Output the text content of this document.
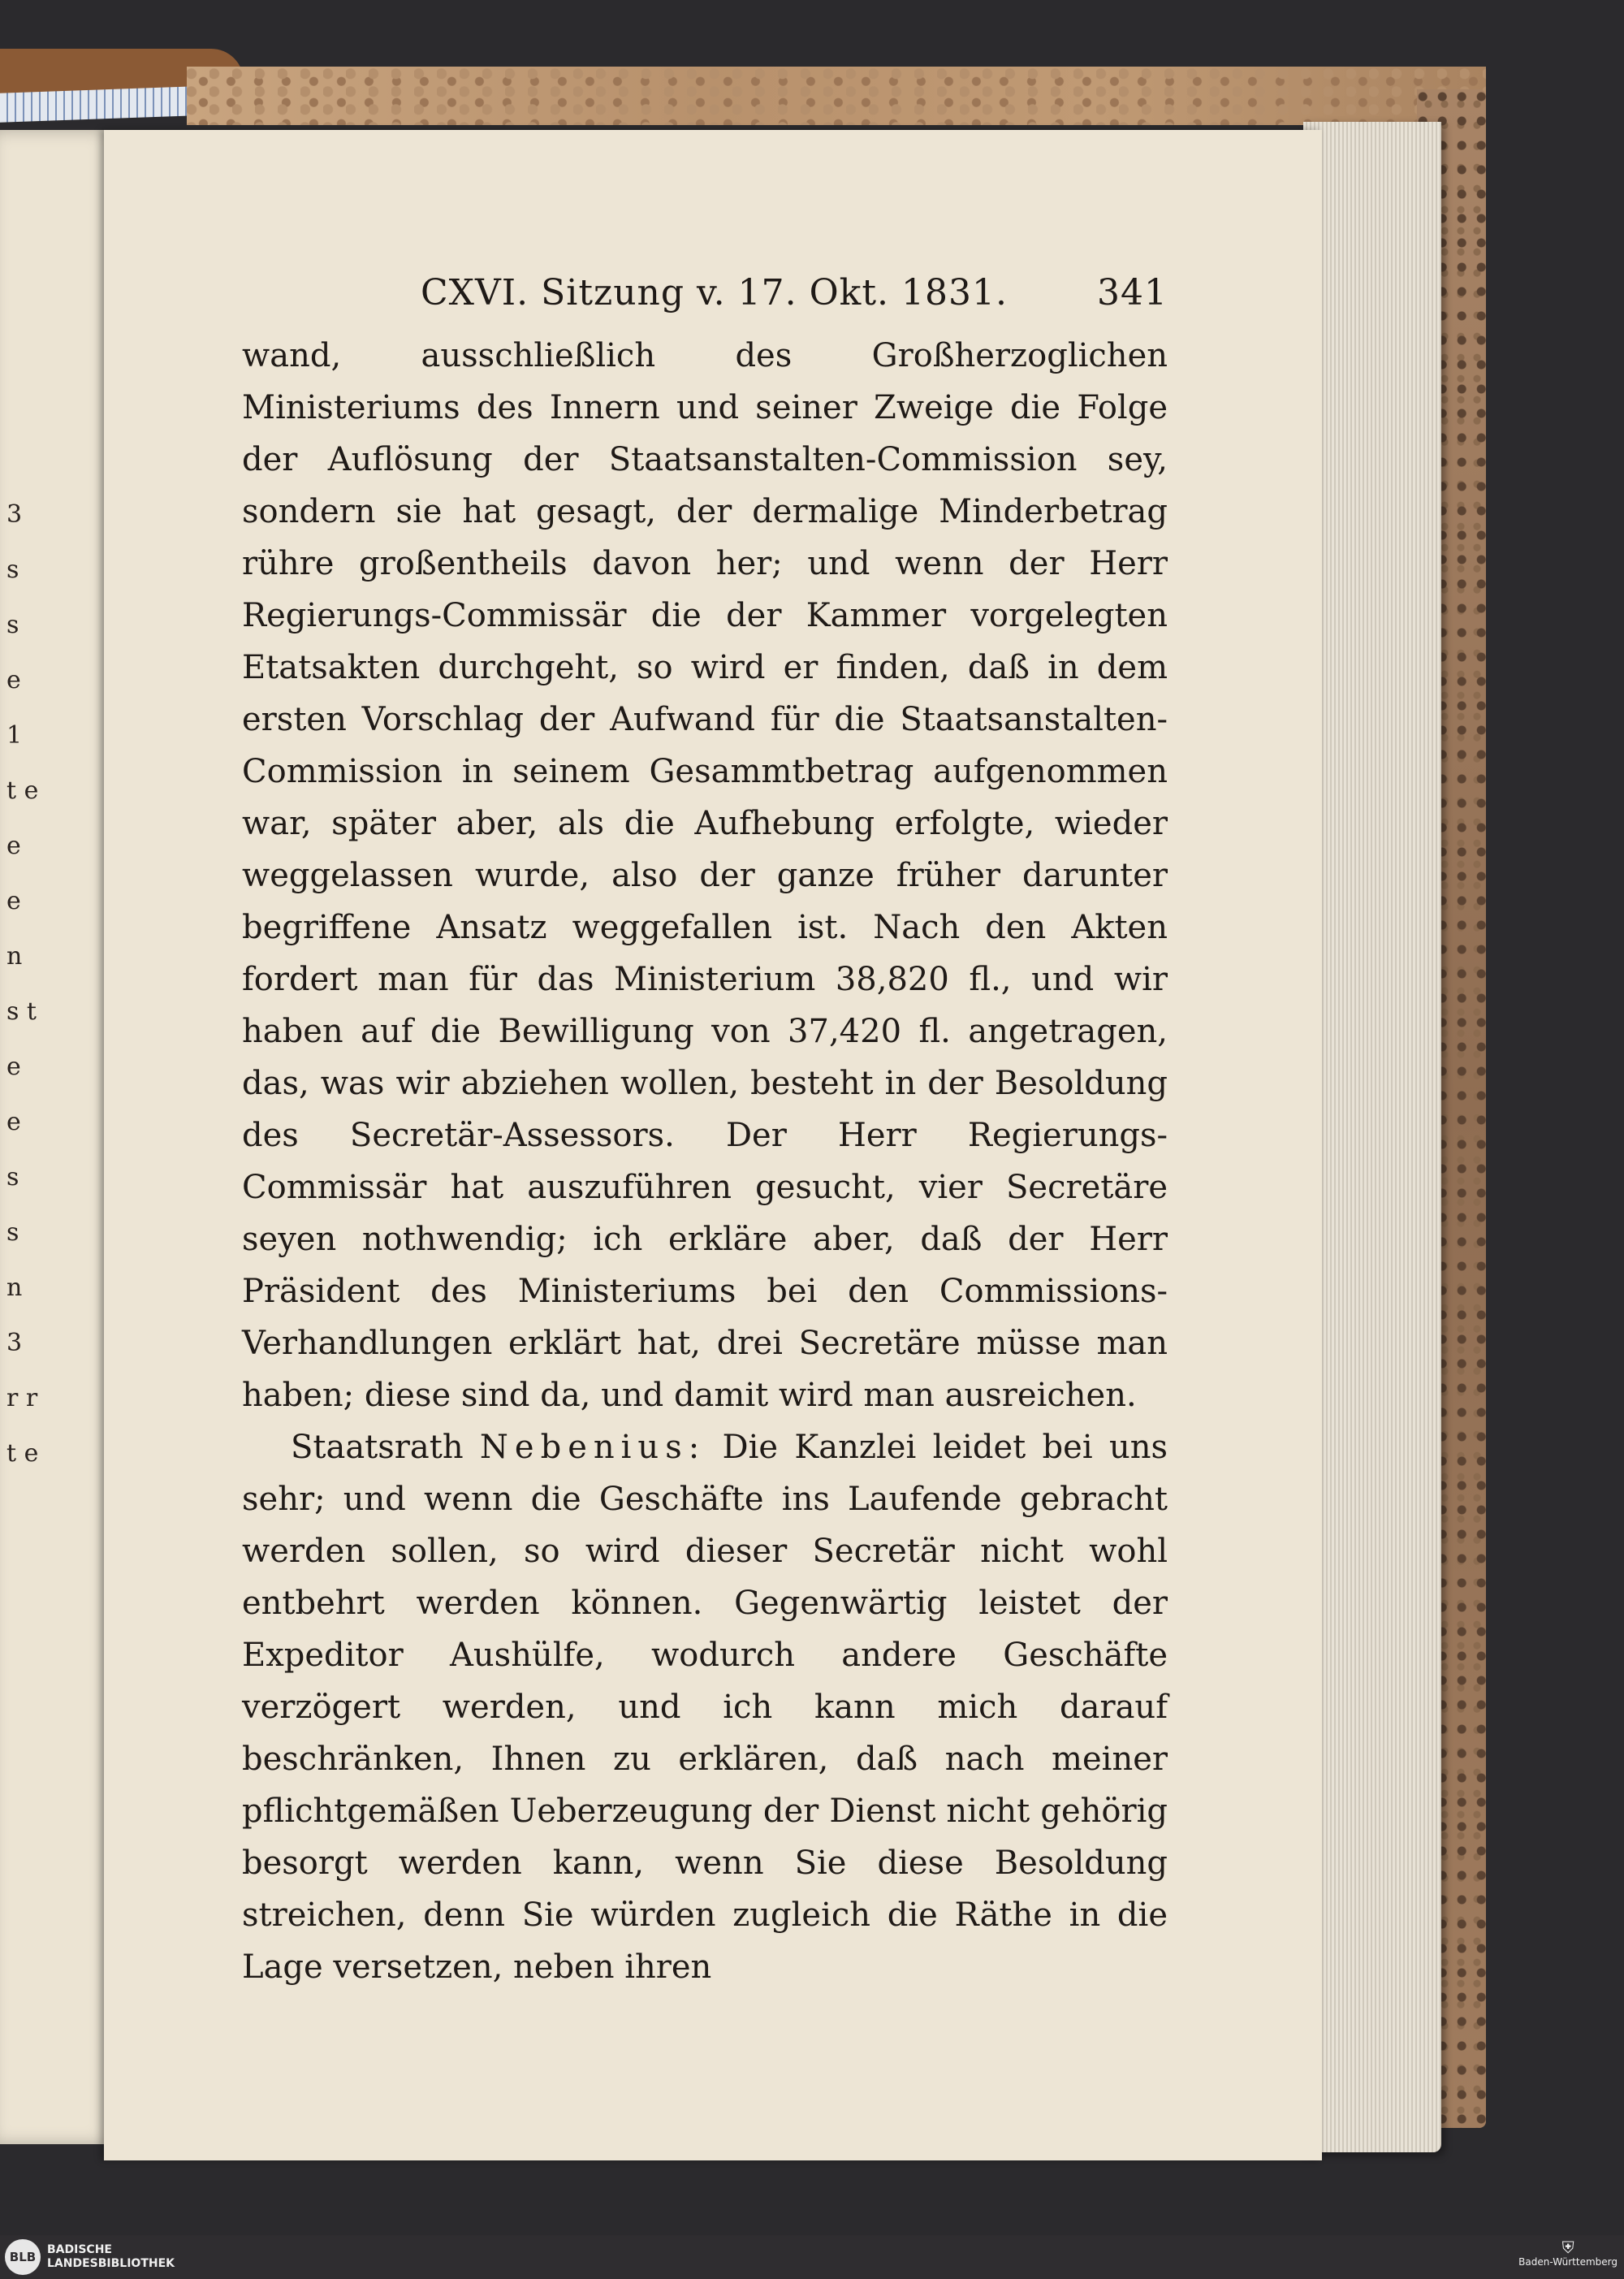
3 s s e 1 t e e e n s t e e s s n 3 r r t e
CXVI. Sitzung v. 17. Okt. 1831.	341

wand, ausschließlich des Großherzoglichen Ministeriums des Innern und seiner Zweige die Folge der Auflösung der Staatsanstalten-Commission sey, sondern sie hat gesagt, der dermalige Minderbetrag rühre großentheils davon her; und wenn der Herr Regierungs-Commissär die der Kammer vorgelegten Etatsakten durchgeht, so wird er finden, daß in dem ersten Vorschlag der Aufwand für die Staatsanstalten-Commission in seinem Gesammtbetrag aufgenommen war, später aber, als die Aufhebung erfolgte, wieder weggelassen wurde, also der ganze früher darunter begriffene Ansatz weggefallen ist. Nach den Akten fordert man für das Ministerium 38,820 fl., und wir haben auf die Bewilligung von 37,420 fl. angetragen, das, was wir abziehen wollen, besteht in der Besoldung des Secretär-Assessors. Der Herr Regierungs-Commissär hat auszuführen gesucht, vier Secretäre seyen nothwendig; ich erkläre aber, daß der Herr Präsident des Ministeriums bei den Commissions-Verhandlungen erklärt hat, drei Secretäre müsse man haben; diese sind da, und damit wird man ausreichen.

Staatsrath Nebenius: Die Kanzlei leidet bei uns sehr; und wenn die Geschäfte ins Laufende gebracht werden sollen, so wird dieser Secretär nicht wohl entbehrt werden können. Gegenwärtig leistet der Expeditor Aushülfe, wodurch andere Geschäfte verzögert werden, und ich kann mich darauf beschränken, Ihnen zu erklären, daß nach meiner pflichtgemäßen Ueberzeugung der Dienst nicht gehörig besorgt werden kann, wenn Sie diese Besoldung streichen, denn Sie würden zugleich die Räthe in die Lage versetzen, neben ihren

BLB BADISCHE
LANDESBIBLIOTHEK
⛨
Baden-Württemberg
